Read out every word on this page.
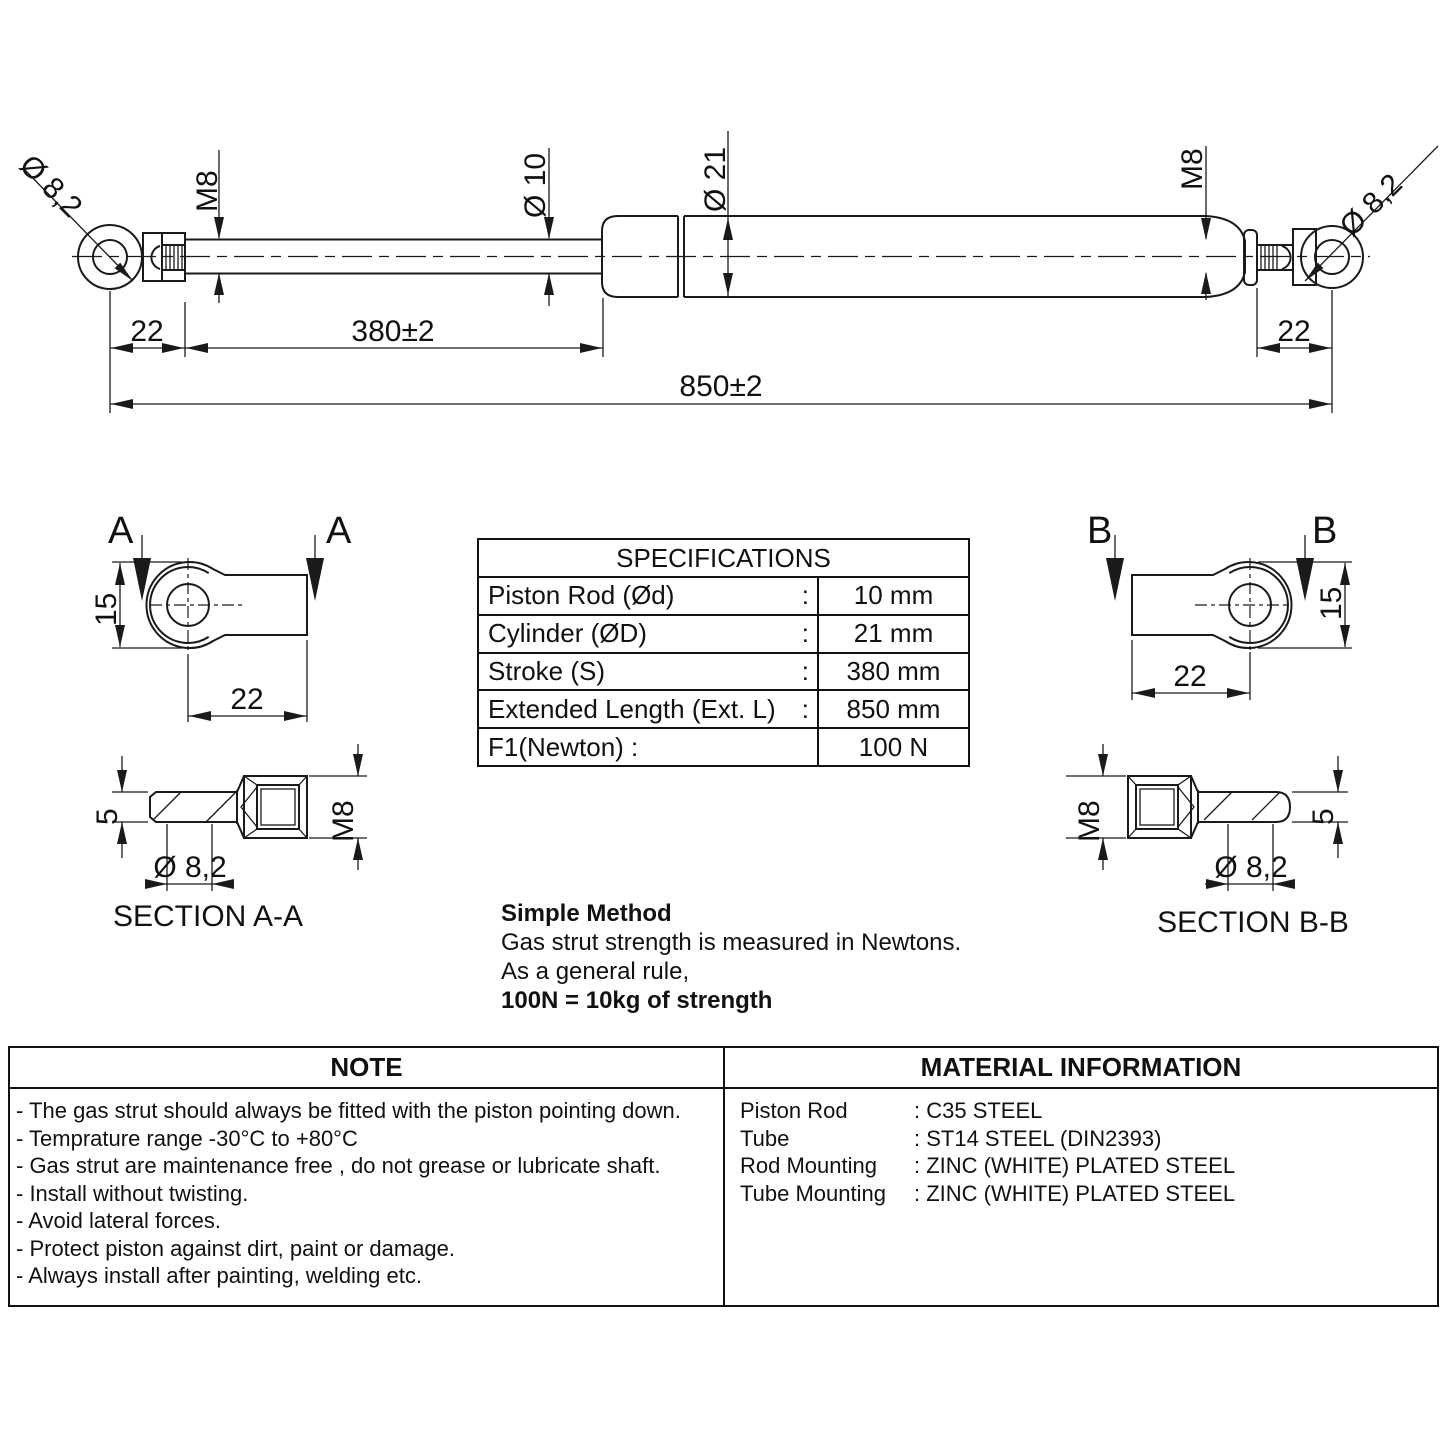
Ø 8,2	Ø 8,2
M8	Ø 10	Ø 21	M8
22	380±2	22
850±2
A	A
15
22
5
Ø 8,2
M8
SECTION A-A
B	B
22
15
M8	5
Ø 8,2
SECTION B-B
SPECIFICATIONS
Piston Rod (Ød)	:	10 mm
Cylinder (ØD)	:	21 mm
Stroke (S)	:	380 mm
Extended Length (Ext. L)	:	850 mm
F1(Newton) :	100 N
Simple Method
Gas strut strength is measured in Newtons.
As a general rule,
100N = 10kg of strength
NOTE	MATERIAL INFORMATION
- The gas strut should always be fitted with the piston pointing down.
- Temprature range -30°C to +80°C
- Gas strut are maintenance free , do not grease or lubricate shaft.
- Install without twisting.
- Avoid lateral forces.
- Protect piston against dirt, paint or damage.
- Always install after painting, welding etc.
Piston Rod	: C35 STEEL
Tube	: ST14 STEEL (DIN2393)
Rod Mounting	: ZINC (WHITE) PLATED STEEL
Tube Mounting	: ZINC (WHITE) PLATED STEEL
